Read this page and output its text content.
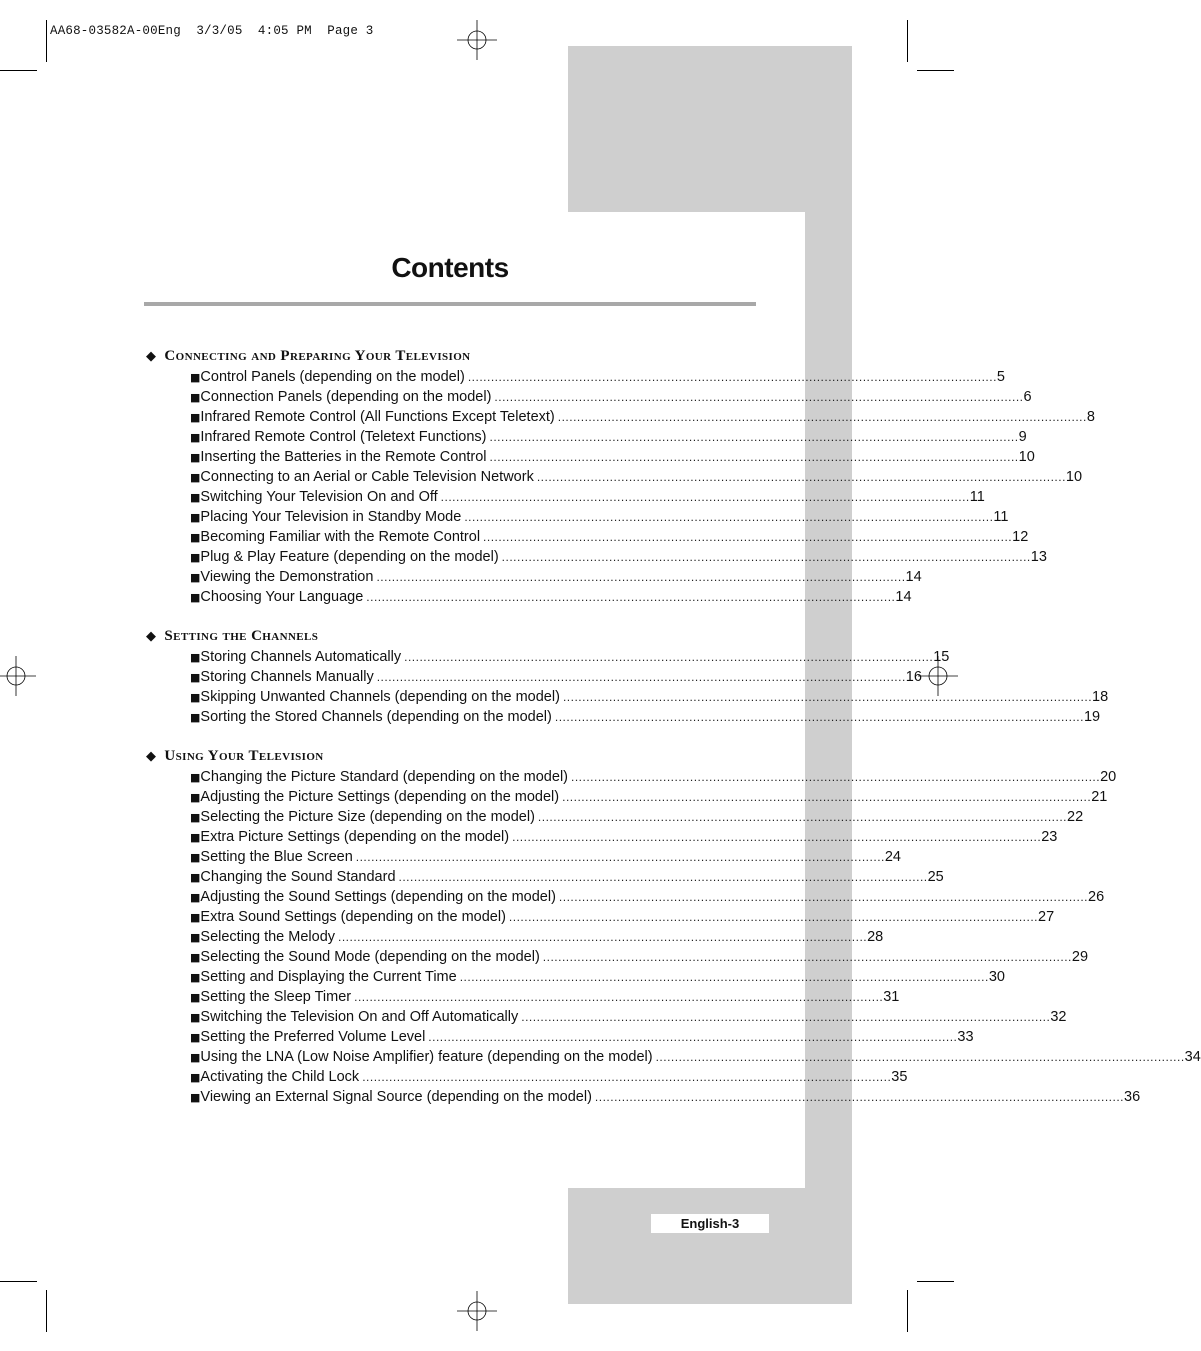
AA68-03582A-00Eng  3/3/05  4:05 PM  Page 3
Contents
◆ Connecting and Preparing Your Television
■ Control Panels (depending on the model) .......................................................................................................................................... 5
■ Connection Panels (depending on the model) .......................................................................................................................................... 6
■ Infrared Remote Control (All Functions Except Teletext) .......................................................................................................................................... 8
■ Infrared Remote Control (Teletext Functions) .......................................................................................................................................... 9
■ Inserting the Batteries in the Remote Control .......................................................................................................................................... 10
■ Connecting to an Aerial or Cable Television Network .......................................................................................................................................... 10
■ Switching Your Television On and Off .......................................................................................................................................... 11
■ Placing Your Television in Standby Mode .......................................................................................................................................... 11
■ Becoming Familiar with the Remote Control .......................................................................................................................................... 12
■ Plug & Play Feature (depending on the model) .......................................................................................................................................... 13
■ Viewing the Demonstration .......................................................................................................................................... 14
■ Choosing Your Language .......................................................................................................................................... 14
◆ Setting the Channels
■ Storing Channels Automatically .......................................................................................................................................... 15
■ Storing Channels Manually .......................................................................................................................................... 16
■ Skipping Unwanted Channels (depending on the model) .......................................................................................................................................... 18
■ Sorting the Stored Channels (depending on the model) .......................................................................................................................................... 19
◆ Using Your Television
■ Changing the Picture Standard (depending on the model) .......................................................................................................................................... 20
■ Adjusting the Picture Settings (depending on the model) .......................................................................................................................................... 21
■ Selecting the Picture Size (depending on the model) .......................................................................................................................................... 22
■ Extra Picture Settings (depending on the model) .......................................................................................................................................... 23
■ Setting the Blue Screen .......................................................................................................................................... 24
■ Changing the Sound Standard .......................................................................................................................................... 25
■ Adjusting the Sound Settings (depending on the model) .......................................................................................................................................... 26
■ Extra Sound Settings (depending on the model) .......................................................................................................................................... 27
■ Selecting the Melody .......................................................................................................................................... 28
■ Selecting the Sound Mode (depending on the model) .......................................................................................................................................... 29
■ Setting and Displaying the Current Time .......................................................................................................................................... 30
■ Setting the Sleep Timer .......................................................................................................................................... 31
■ Switching the Television On and Off Automatically .......................................................................................................................................... 32
■ Setting the Preferred Volume Level .......................................................................................................................................... 33
■ Using the LNA (Low Noise Amplifier) feature (depending on the model) .......................................................................................................................................... 34
■ Activating the Child Lock .......................................................................................................................................... 35
■ Viewing an External Signal Source (depending on the model) .......................................................................................................................................... 36
English-3
